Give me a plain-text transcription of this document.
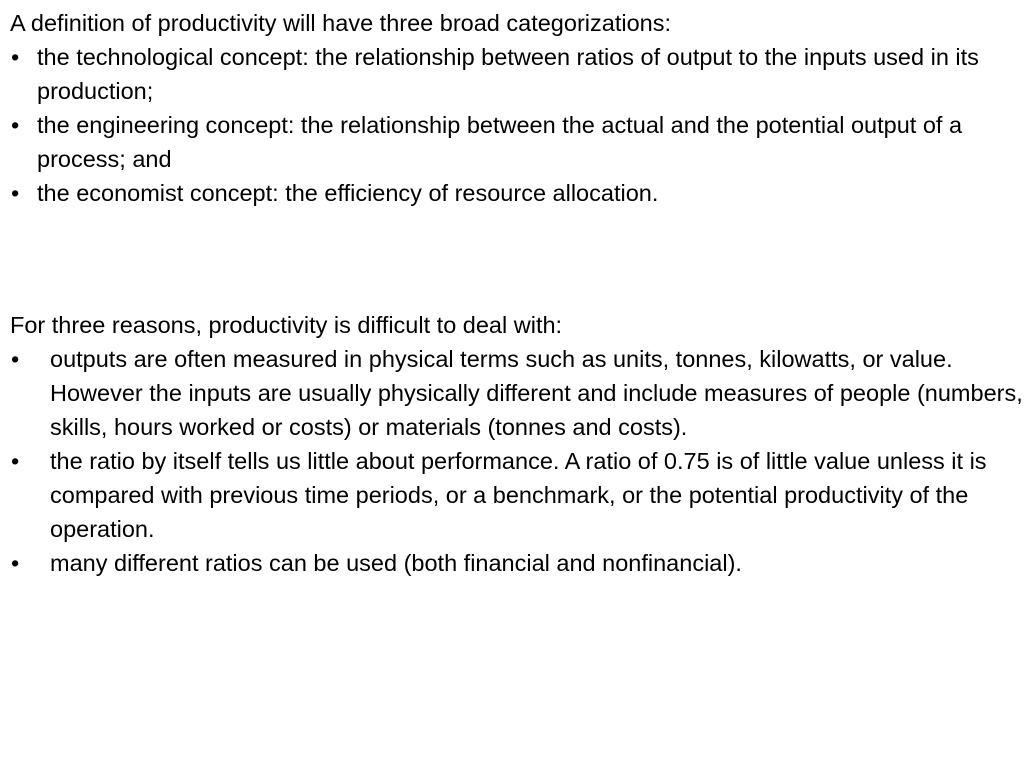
A definition of productivity will have three broad categorizations:

• the technological concept: the relationship between ratios of output to the inputs used in its production;
• the engineering concept: the relationship between the actual and the potential output of a process; and
• the economist concept: the efficiency of resource allocation.

For three reasons, productivity is difficult to deal with:

• outputs are often measured in physical terms such as units, tonnes, kilowatts, or value. However the inputs are usually physically different and include measures of people (numbers, skills, hours worked or costs) or materials (tonnes and costs).
• the ratio by itself tells us little about performance. A ratio of 0.75 is of little value unless it is compared with previous time periods, or a benchmark, or the potential productivity of the operation.
• many different ratios can be used (both financial and nonfinancial).
